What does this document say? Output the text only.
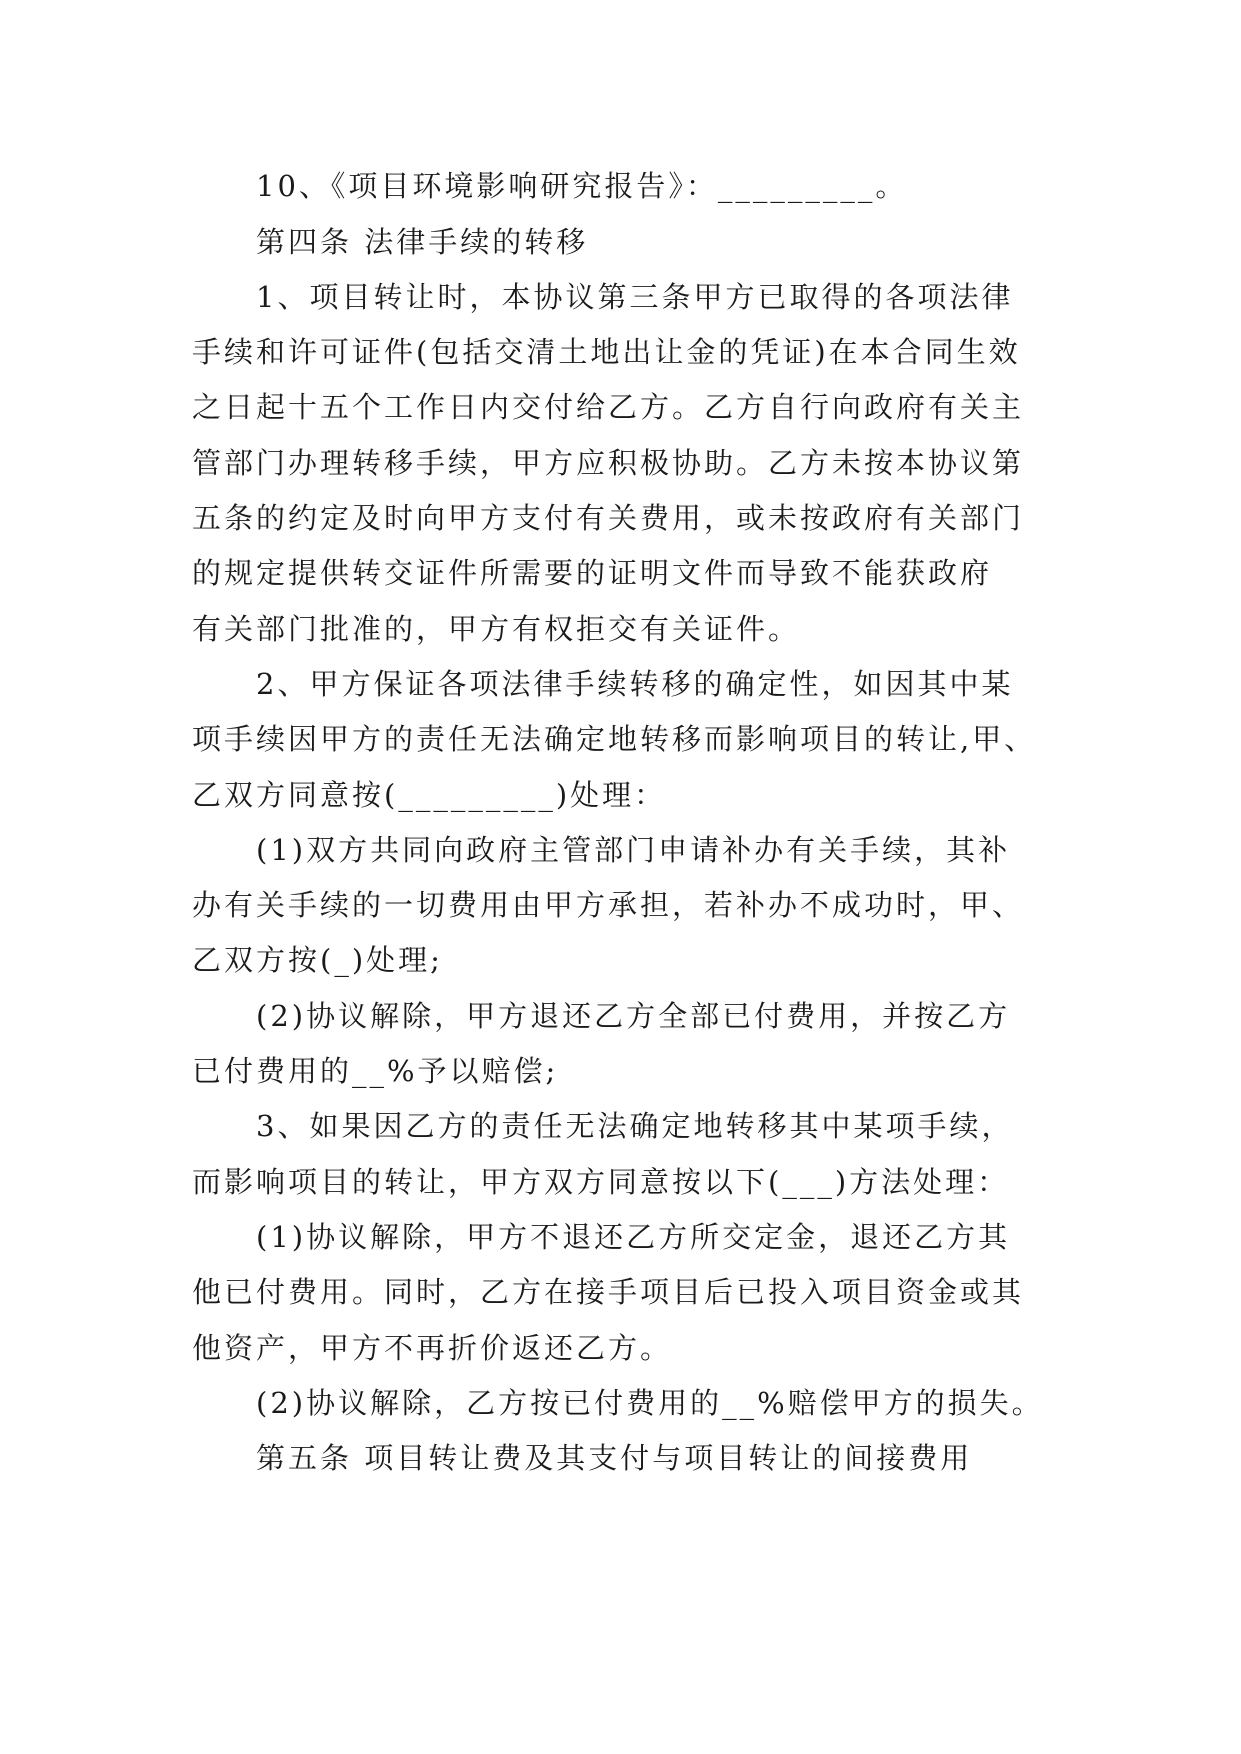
10、《项目环境影响研究报告》：_________。
第四条 法律手续的转移
1、项目转让时，本协议第三条甲方已取得的各项法律
手续和许可证件(包括交清土地出让金的凭证)在本合同生效
之日起十五个工作日内交付给乙方。乙方自行向政府有关主
管部门办理转移手续，甲方应积极协助。乙方未按本协议第
五条的约定及时向甲方支付有关费用，或未按政府有关部门
的规定提供转交证件所需要的证明文件而导致不能获政府
有关部门批准的，甲方有权拒交有关证件。
2、甲方保证各项法律手续转移的确定性，如因其中某
项手续因甲方的责任无法确定地转移而影响项目的转让,甲、
乙双方同意按(_________)处理：
(1)双方共同向政府主管部门申请补办有关手续，其补
办有关手续的一切费用由甲方承担，若补办不成功时，甲、
乙双方按(_)处理;
(2)协议解除，甲方退还乙方全部已付费用，并按乙方
已付费用的__%予以赔偿;
3、如果因乙方的责任无法确定地转移其中某项手续，
而影响项目的转让，甲方双方同意按以下(___)方法处理：
(1)协议解除，甲方不退还乙方所交定金，退还乙方其
他已付费用。同时，乙方在接手项目后已投入项目资金或其
他资产，甲方不再折价返还乙方。
(2)协议解除，乙方按已付费用的__%赔偿甲方的损失。
第五条 项目转让费及其支付与项目转让的间接费用
